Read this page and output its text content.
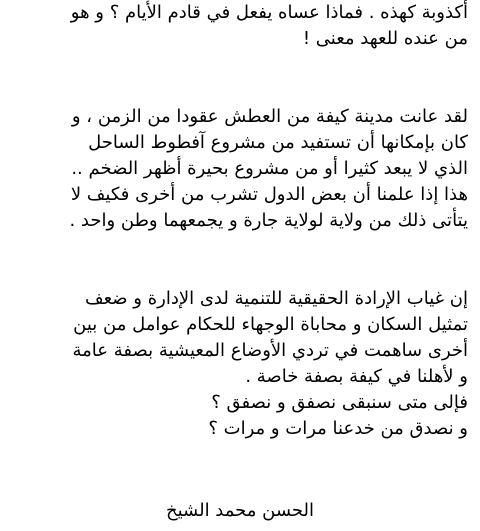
أكذوبة كهذه . فماذا عساه يفعل في قادم الأيام ؟ و هو
من عنده للعهد معنى !
لقد عانت مدينة كيفة من العطش عقودا من الزمن ، و
كان بإمكانها أن تستفيد من مشروع آفطوط الساحل
الذي لا يبعد كثيرا أو من مشروع بحيرة أظهر الضخم ..
هذا إذا علمنا أن بعض الدول تشرب من أخرى فكيف لا
يتأتى ذلك من ولاية لولاية جارة و يجمعهما وطن واحد .
إن غياب الإرادة الحقيقية للتنمية لدى الإدارة و ضعف
تمثيل السكان و محاباة الوجهاء للحكام عوامل من بين
أخرى ساهمت في تردي الأوضاع المعيشية بصفة عامة
و لأهلنا في كيفة بصفة خاصة .
فإلى متى سنبقى نصفق و نصفق ؟
و نصدق من خدعنا مرات و مرات ؟
الحسن محمد الشيخ
